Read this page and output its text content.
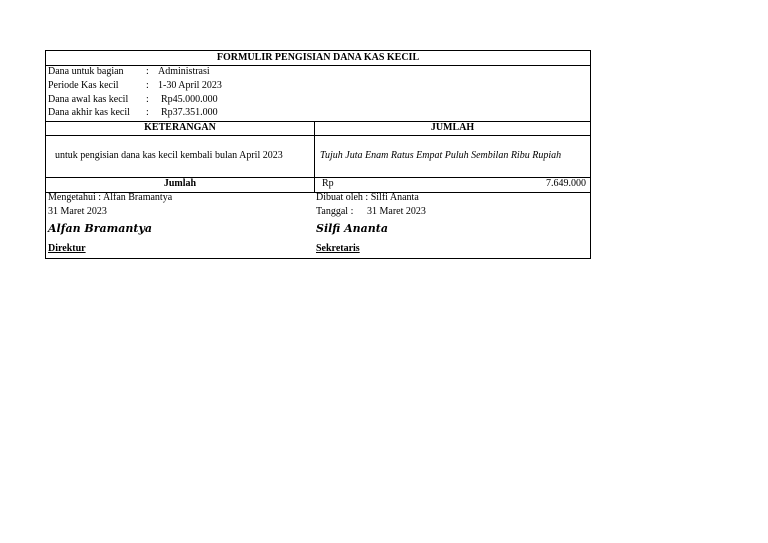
FORMULIR PENGISIAN DANA KAS KECIL
Dana untuk bagian : Administrasi
Periode Kas kecil	: 1-30 April 2023
Dana awal kas kecil : Rp45.000.000
Dana akhir kas kecil : Rp37.351.000
KETERANGAN	JUMLAH
untuk pengisian dana kas kecil kembali bulan April 2023	Tujuh Juta Enam Ratus Empat Puluh Sembilan Ribu Rupiah
Jumlah	Rp	7.649.000
Mengetahui : Alfan Bramantya
31 Maret 2023
Alfan Bramantya
Direktur
Dibuat oleh : Silfi Ananta
Tanggal : 31 Maret 2023
Silfi Ananta
Sekretaris
